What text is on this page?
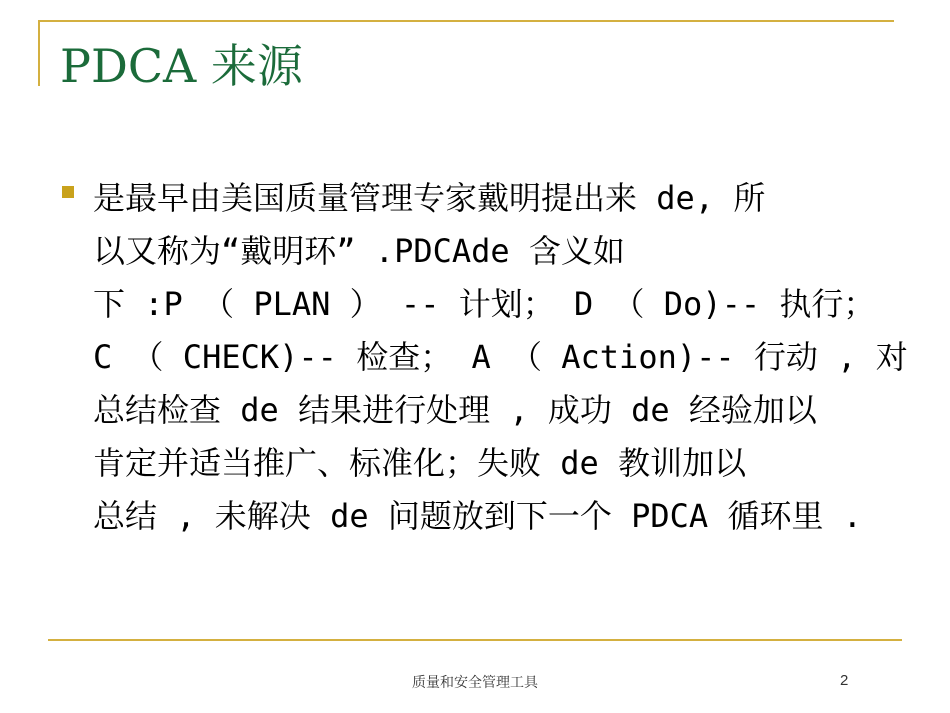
PDCA 来源
是最早由美国质量管理专家戴明提出来 de, 所
以又称为“戴明环” .PDCAde 含义如
下 :P （ PLAN ） -- 计划； D （ Do)-- 执行；
C （ CHECK)-- 检查； A （ Action)-- 行动 , 对
总结检查 de 结果进行处理 , 成功 de 经验加以
肯定并适当推广、标准化；失败 de 教训加以
总结 , 未解决 de 问题放到下一个 PDCA 循环里 .
质量和安全管理工具	2
